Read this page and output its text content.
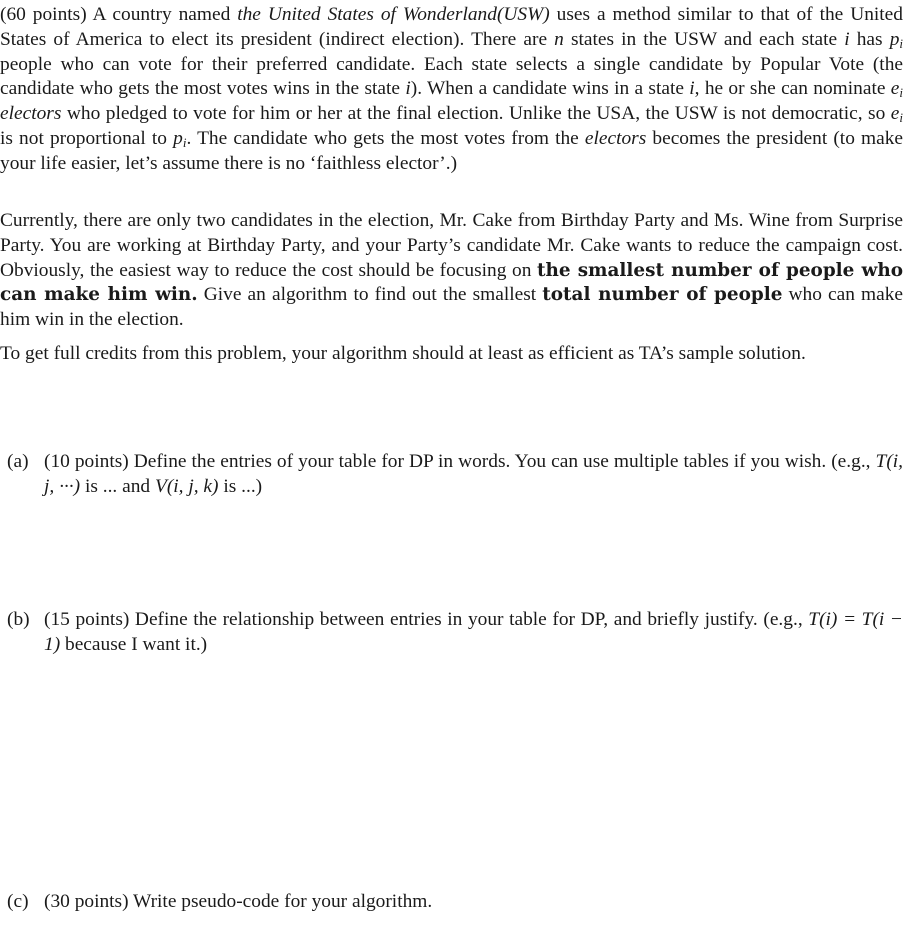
(60 points) A country named the United States of Wonderland(USW) uses a method similar to that of the United States of America to elect its president (indirect election). There are n states in the USW and each state i has $p_i$ people who can vote for their preferred candidate. Each state selects a single candidate by Popular Vote (the candidate who gets the most votes wins in the state i). When a candidate wins in a state i, he or she can nominate $e_i$ electors who pledged to vote for him or her at the final election. Unlike the USA, the USW is not democratic, so $e_i$ is not proportional to $p_i$. The candidate who gets the most votes from the electors becomes the president (to make your life easier, let’s assume there is no ‘faithless elector’.)

Currently, there are only two candidates in the election, Mr. Cake from Birthday Party and Ms. Wine from Surprise Party. You are working at Birthday Party, and your Party’s candidate Mr. Cake wants to reduce the campaign cost. Obviously, the easiest way to reduce the cost should be focusing on the smallest number of people who can make him win. Give an algorithm to find out the smallest total number of people who can make him win in the election.

To get full credits from this problem, your algorithm should at least as efficient as TA’s sample solution.

(a) (10 points) Define the entries of your table for DP in words. You can use multiple tables if you wish. (e.g., T(i, j, ···) is ... and V(i, j, k) is ...)
(b) (15 points) Define the relationship between entries in your table for DP, and briefly justify. (e.g., T(i) = T(i − 1) because I want it.)
(c) (30 points) Write pseudo-code for your algorithm.
